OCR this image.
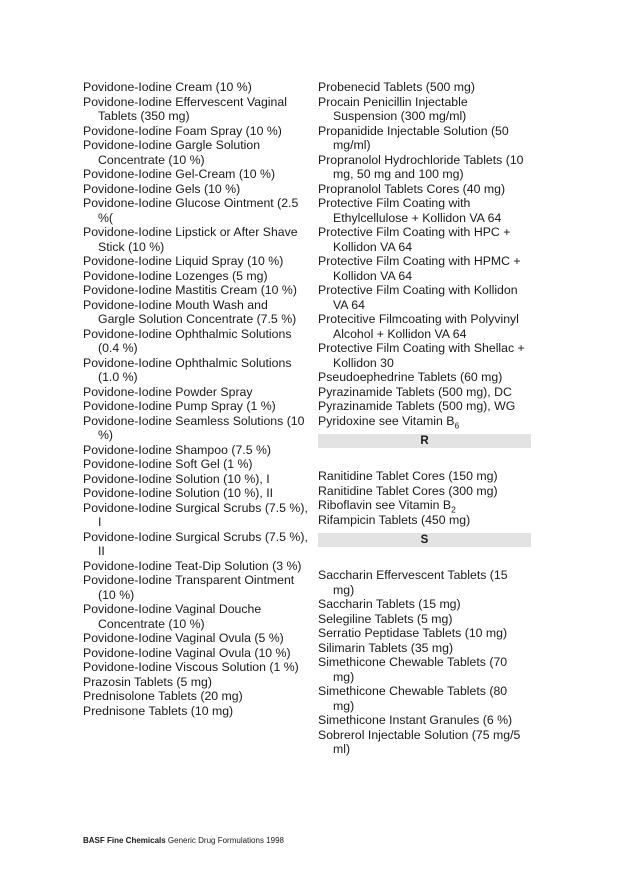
Povidone-Iodine Cream (10 %)
Povidone-Iodine Effervescent Vaginal Tablets (350 mg)
Povidone-Iodine Foam Spray (10 %)
Povidone-Iodine Gargle Solution Concentrate (10 %)
Povidone-Iodine Gel-Cream (10 %)
Povidone-Iodine Gels (10 %)
Povidone-Iodine Glucose Ointment (2.5 %(
Povidone-Iodine Lipstick or After Shave Stick (10 %)
Povidone-Iodine Liquid Spray (10 %)
Povidone-Iodine Lozenges (5 mg)
Povidone-Iodine Mastitis Cream (10 %)
Povidone-Iodine Mouth Wash and Gargle Solution Concentrate (7.5 %)
Povidone-Iodine Ophthalmic Solutions (0.4 %)
Povidone-Iodine Ophthalmic Solutions (1.0 %)
Povidone-Iodine Powder Spray
Povidone-Iodine Pump Spray (1 %)
Povidone-Iodine Seamless Solutions (10 %)
Povidone-Iodine Shampoo (7.5 %)
Povidone-Iodine Soft Gel (1 %)
Povidone-Iodine Solution (10 %), I
Povidone-Iodine Solution (10 %), II
Povidone-Iodine Surgical Scrubs (7.5 %), I
Povidone-Iodine Surgical Scrubs (7.5 %), II
Povidone-Iodine Teat-Dip Solution (3 %)
Povidone-Iodine Transparent Ointment (10 %)
Povidone-Iodine Vaginal Douche Concentrate (10 %)
Povidone-Iodine Vaginal Ovula (5 %)
Povidone-Iodine Vaginal Ovula (10 %)
Povidone-Iodine Viscous Solution (1 %)
Prazosin Tablets (5 mg)
Prednisolone Tablets (20 mg)
Prednisone Tablets (10 mg)
Probenecid Tablets (500 mg)
Procain Penicillin Injectable Suspension (300 mg/ml)
Propanidide Injectable Solution (50 mg/ml)
Propranolol Hydrochloride Tablets (10 mg, 50 mg and 100 mg)
Propranolol Tablets Cores (40 mg)
Protective Film Coating with Ethylcellulose + Kollidon VA 64
Protective Film Coating with HPC + Kollidon VA 64
Protective Film Coating with HPMC + Kollidon VA 64
Protective Film Coating with Kollidon VA 64
Protecitive Filmcoating with Polyvinyl Alcohol + Kollidon VA 64
Protective Film Coating with Shellac + Kollidon 30
Pseudoephedrine Tablets (60 mg)
Pyrazinamide Tablets (500 mg), DC
Pyrazinamide Tablets (500 mg), WG
Pyridoxine see Vitamin $B_6$
R
Ranitidine Tablet Cores (150 mg)
Ranitidine Tablet Cores (300 mg)
Riboflavin see Vitamin $B_2$
Rifampicin Tablets (450 mg)
S
Saccharin Effervescent Tablets (15 mg)
Saccharin Tablets (15 mg)
Selegiline Tablets (5 mg)
Serratio Peptidase Tablets (10 mg)
Silimarin Tablets (35 mg)
Simethicone Chewable Tablets (70 mg)
Simethicone Chewable Tablets (80 mg)
Simethicone Instant Granules (6 %)
Sobrerol Injectable Solution (75 mg/5 ml)
BASF Fine Chemicals Generic Drug Formulations 1998
